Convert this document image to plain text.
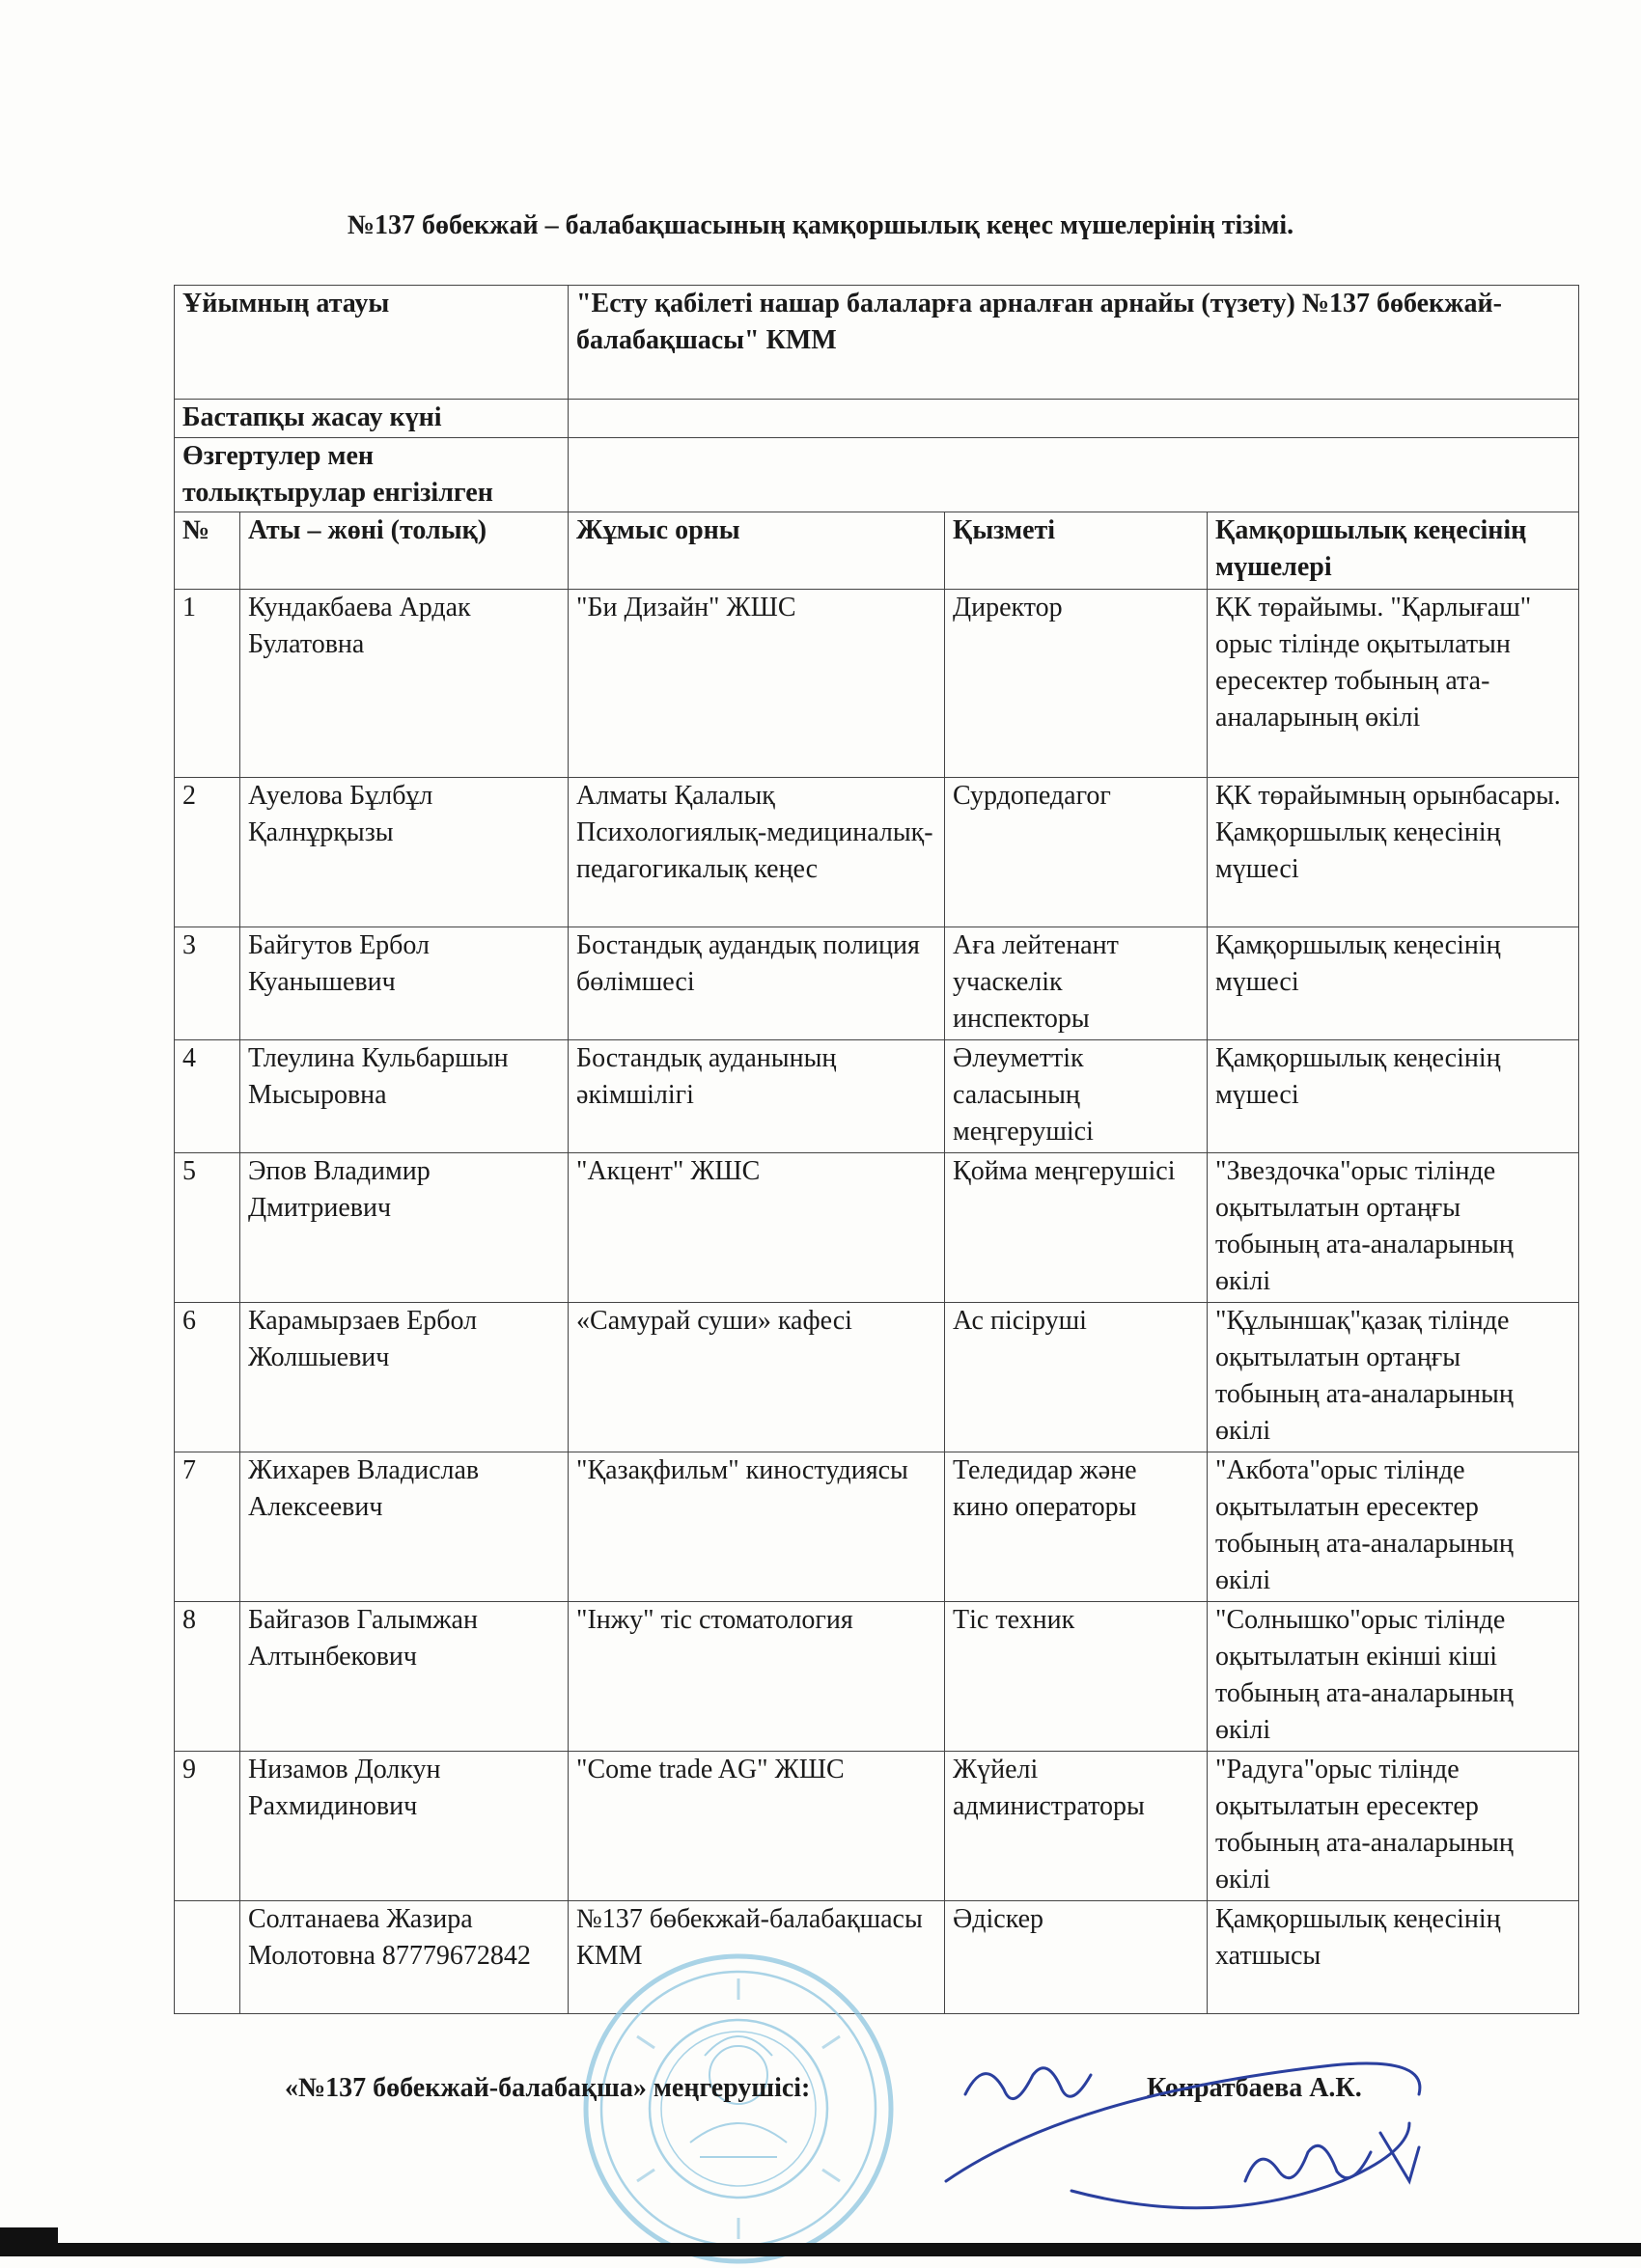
№137 бөбекжай – балабақшасының қамқоршылық кеңес мүшелерінің тізімі.
Ұйымның атауы		"Есту қабілеті нашар балаларға арналған арнайы (түзету) №137 бөбекжай- балабақшасы" КММ		
Бастапқы жасау күні				
Өзгертулер мен толықтырулар енгізілген				
№	Аты – жөні (толық)	Жұмыс орны	Қызметі	Қамқоршылық кеңесінің мүшелері
1	Кундакбаева Ардак Булатовна	"Би Дизайн" ЖШС	Директор	ҚК төрайымы. "Қарлығаш" орыс тілінде оқытылатын ересектер тобының ата-аналарының өкілі
2	Ауелова Бұлбұл Қалнұрқызы	Алматы Қалалық Психологиялық-медициналық-педагогикалық кеңес	Сурдопедагог	ҚК төрайымның орынбасары. Қамқоршылық кеңесінің мүшесі
3	Байгутов Ербол Куанышевич	Бостандық аудандық полиция бөлімшесі	Аға лейтенант учаскелік инспекторы	Қамқоршылық кеңесінің мүшесі
4	Тлеулина Кульбаршын Мысыровна	Бостандық ауданының әкімшілігі	Әлеуметтік саласының меңгерушісі	Қамқоршылық кеңесінің мүшесі
5	Эпов Владимир Дмитриевич	"Акцент" ЖШС	Қойма меңгерушісі	"Звездочка"орыс тілінде оқытылатын ортаңғы тобының ата-аналарының өкілі
6	Карамырзаев Ербол Жолшыевич	«Самурай суши» кафесі	Ас пісіруші	"Құлыншақ"қазақ тілінде оқытылатын ортаңғы тобының ата-аналарының өкілі
7	Жихарев Владислав Алексеевич	"Қазақфильм" киностудиясы	Теледидар және кино операторы	"Акбота"орыс тілінде оқытылатын ересектер тобының ата-аналарының өкілі
8	Байгазов Галымжан Алтынбекович	"Інжу" тіс стоматология	Тіс техник	"Солнышко"орыс тілінде оқытылатын екінші кіші тобының ата-аналарының өкілі
9	Низамов Долкун Рахмидинович	"Come trade AG" ЖШС	Жүйелі администраторы	"Радуга"орыс тілінде оқытылатын ересектер тобының ата-аналарының өкілі
	Солтанаева Жазира Молотовна 87779672842	№137 бөбекжай-балабақшасы КММ	Әдіскер	Қамқоршылық кеңесінің хатшысы
«№137 бөбекжай-балабақша» меңгерушісі:	Конратбаева А.К.
